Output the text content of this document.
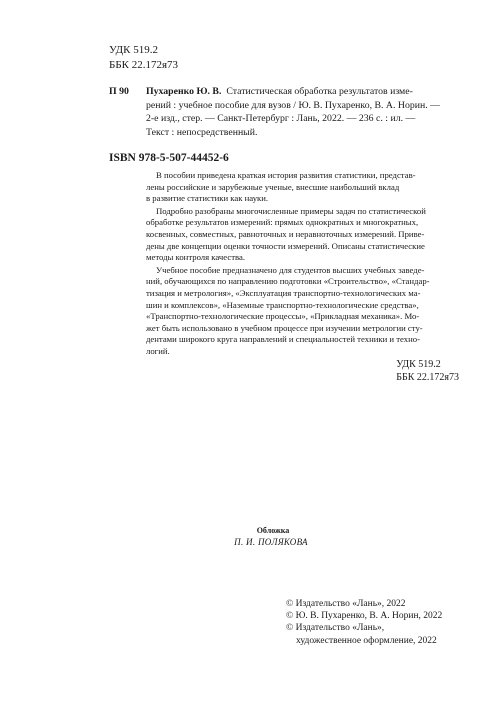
УДК 519.2
ББК 22.172я73
П 90 Пухаренко Ю. В. Статистическая обработка результатов изме-
рений : учебное пособие для вузов / Ю. В. Пухаренко, В. А. Норин. —
2-е изд., стер. — Санкт-Петербург : Лань, 2022. — 236 с. : ил. —
Текст : непосредственный.
ISBN 978-5-507-44452-6
В пособии приведена краткая история развития статистики, представ-
лены российские и зарубежные ученые, внесшие наибольший вклад
в развитие статистики как науки.
Подробно разобраны многочисленные примеры задач по статистической
обработке результатов измерений: прямых однократных и многократных,
косвенных, совместных, равноточных и неравноточных измерений. Приве-
дены две концепции оценки точности измерений. Описаны статистические
методы контроля качества.
Учебное пособие предназначено для студентов высших учебных заведе-
ний, обучающихся по направлению подготовки «Строительство», «Стандар-
тизация и метрология», «Эксплуатация транспортно-технологических ма-
шин и комплексов», «Наземные транспортно-технологические средства»,
«Транспортно-технологические процессы», «Прикладная механика». Мо-
жет быть использовано в учебном процессе при изучении метрологии сту-
дентами широкого круга направлений и специальностей техники и техно-
логий.
УДК 519.2
ББК 22.172я73
Обложка
П. И. ПОЛЯКОВА
© Издательство «Лань», 2022
© Ю. В. Пухаренко, В. А. Норин, 2022
© Издательство «Лань»,
художественное оформление, 2022
